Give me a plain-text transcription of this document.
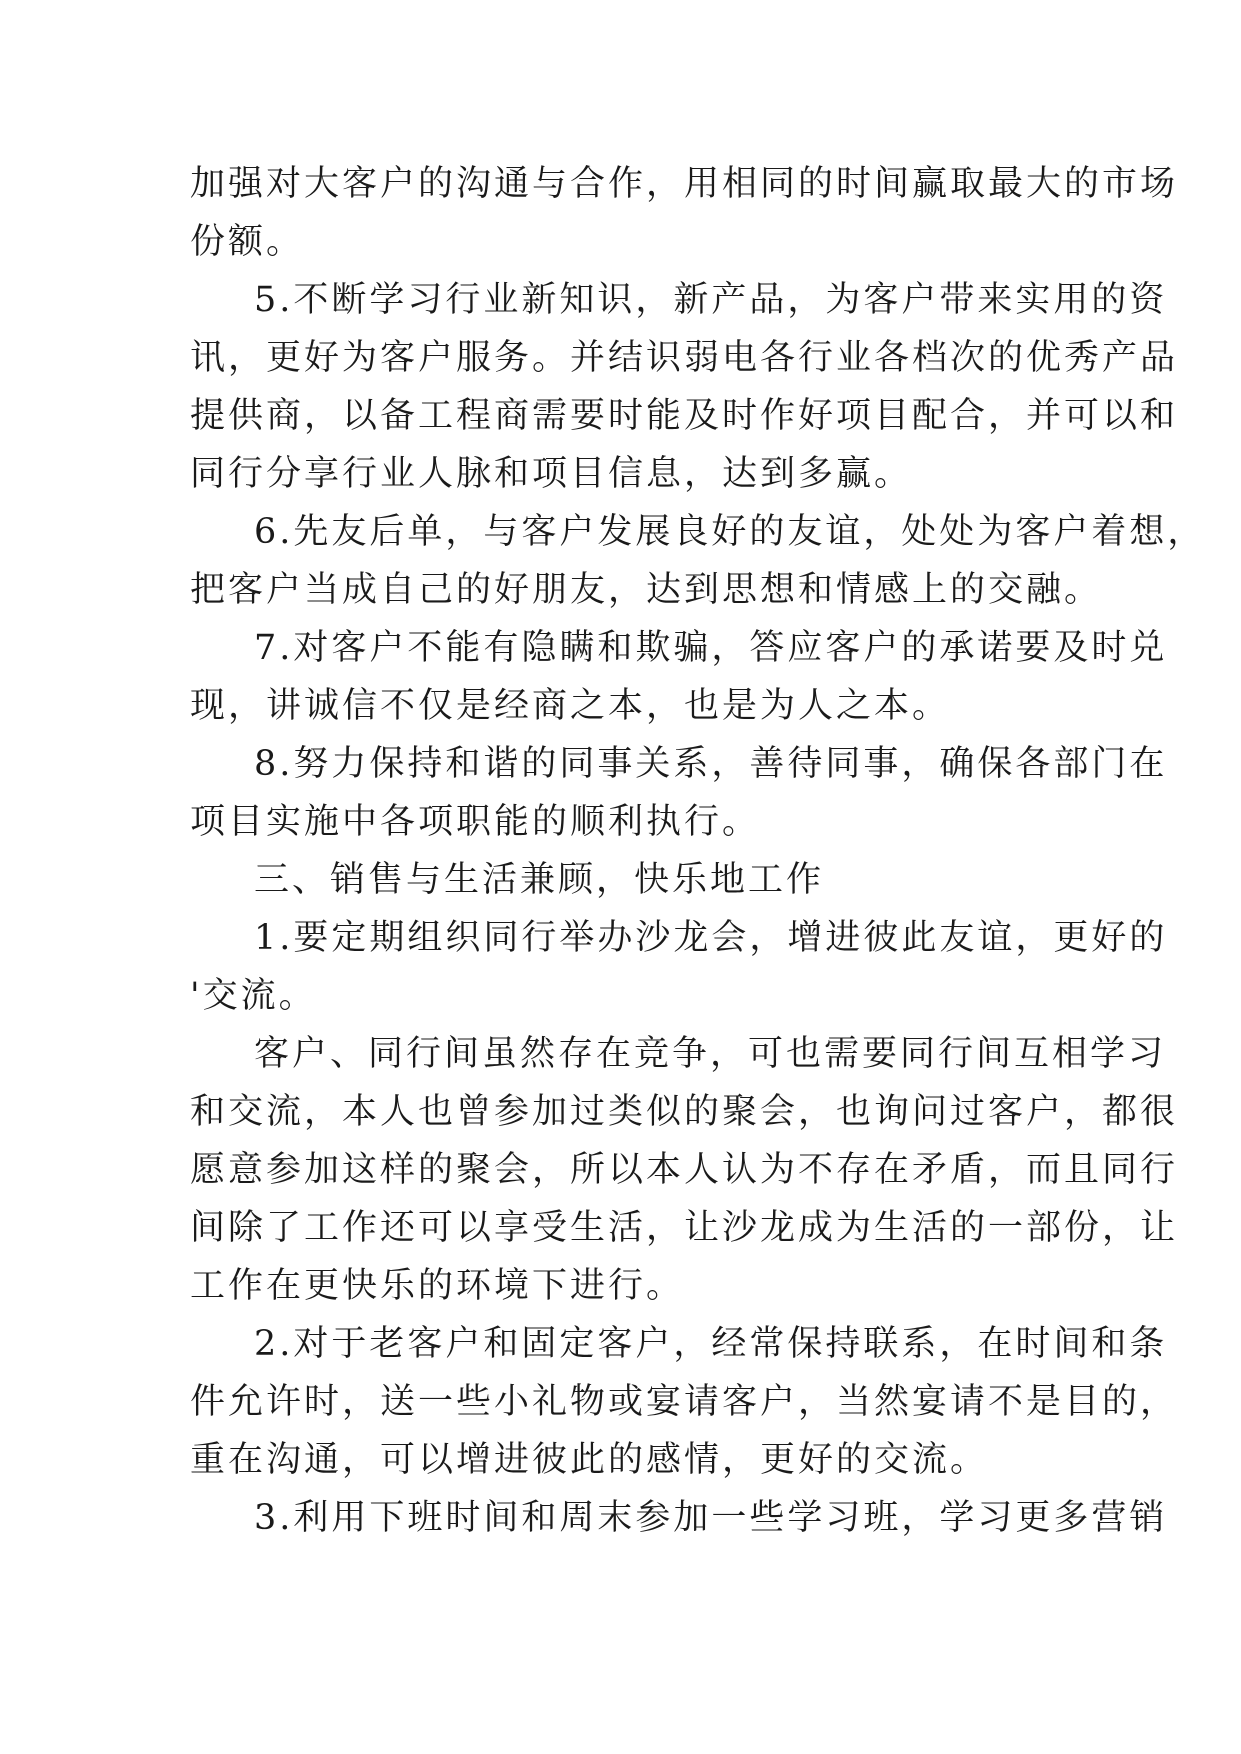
加强对大客户的沟通与合作，用相同的时间赢取最大的市场
份额。
5.不断学习行业新知识，新产品，为客户带来实用的资
讯，更好为客户服务。并结识弱电各行业各档次的优秀产品
提供商，以备工程商需要时能及时作好项目配合，并可以和
同行分享行业人脉和项目信息，达到多赢。
6.先友后单，与客户发展良好的友谊，处处为客户着想，
把客户当成自己的好朋友，达到思想和情感上的交融。
7.对客户不能有隐瞒和欺骗，答应客户的承诺要及时兑
现，讲诚信不仅是经商之本，也是为人之本。
8.努力保持和谐的同事关系，善待同事，确保各部门在
项目实施中各项职能的顺利执行。
三、销售与生活兼顾，快乐地工作
1.要定期组织同行举办沙龙会，增进彼此友谊，更好的
'交流。
客户、同行间虽然存在竞争，可也需要同行间互相学习
和交流，本人也曾参加过类似的聚会，也询问过客户，都很
愿意参加这样的聚会，所以本人认为不存在矛盾，而且同行
间除了工作还可以享受生活，让沙龙成为生活的一部份，让
工作在更快乐的环境下进行。
2.对于老客户和固定客户，经常保持联系，在时间和条
件允许时，送一些小礼物或宴请客户，当然宴请不是目的，
重在沟通，可以增进彼此的感情，更好的交流。
3.利用下班时间和周末参加一些学习班，学习更多营销
